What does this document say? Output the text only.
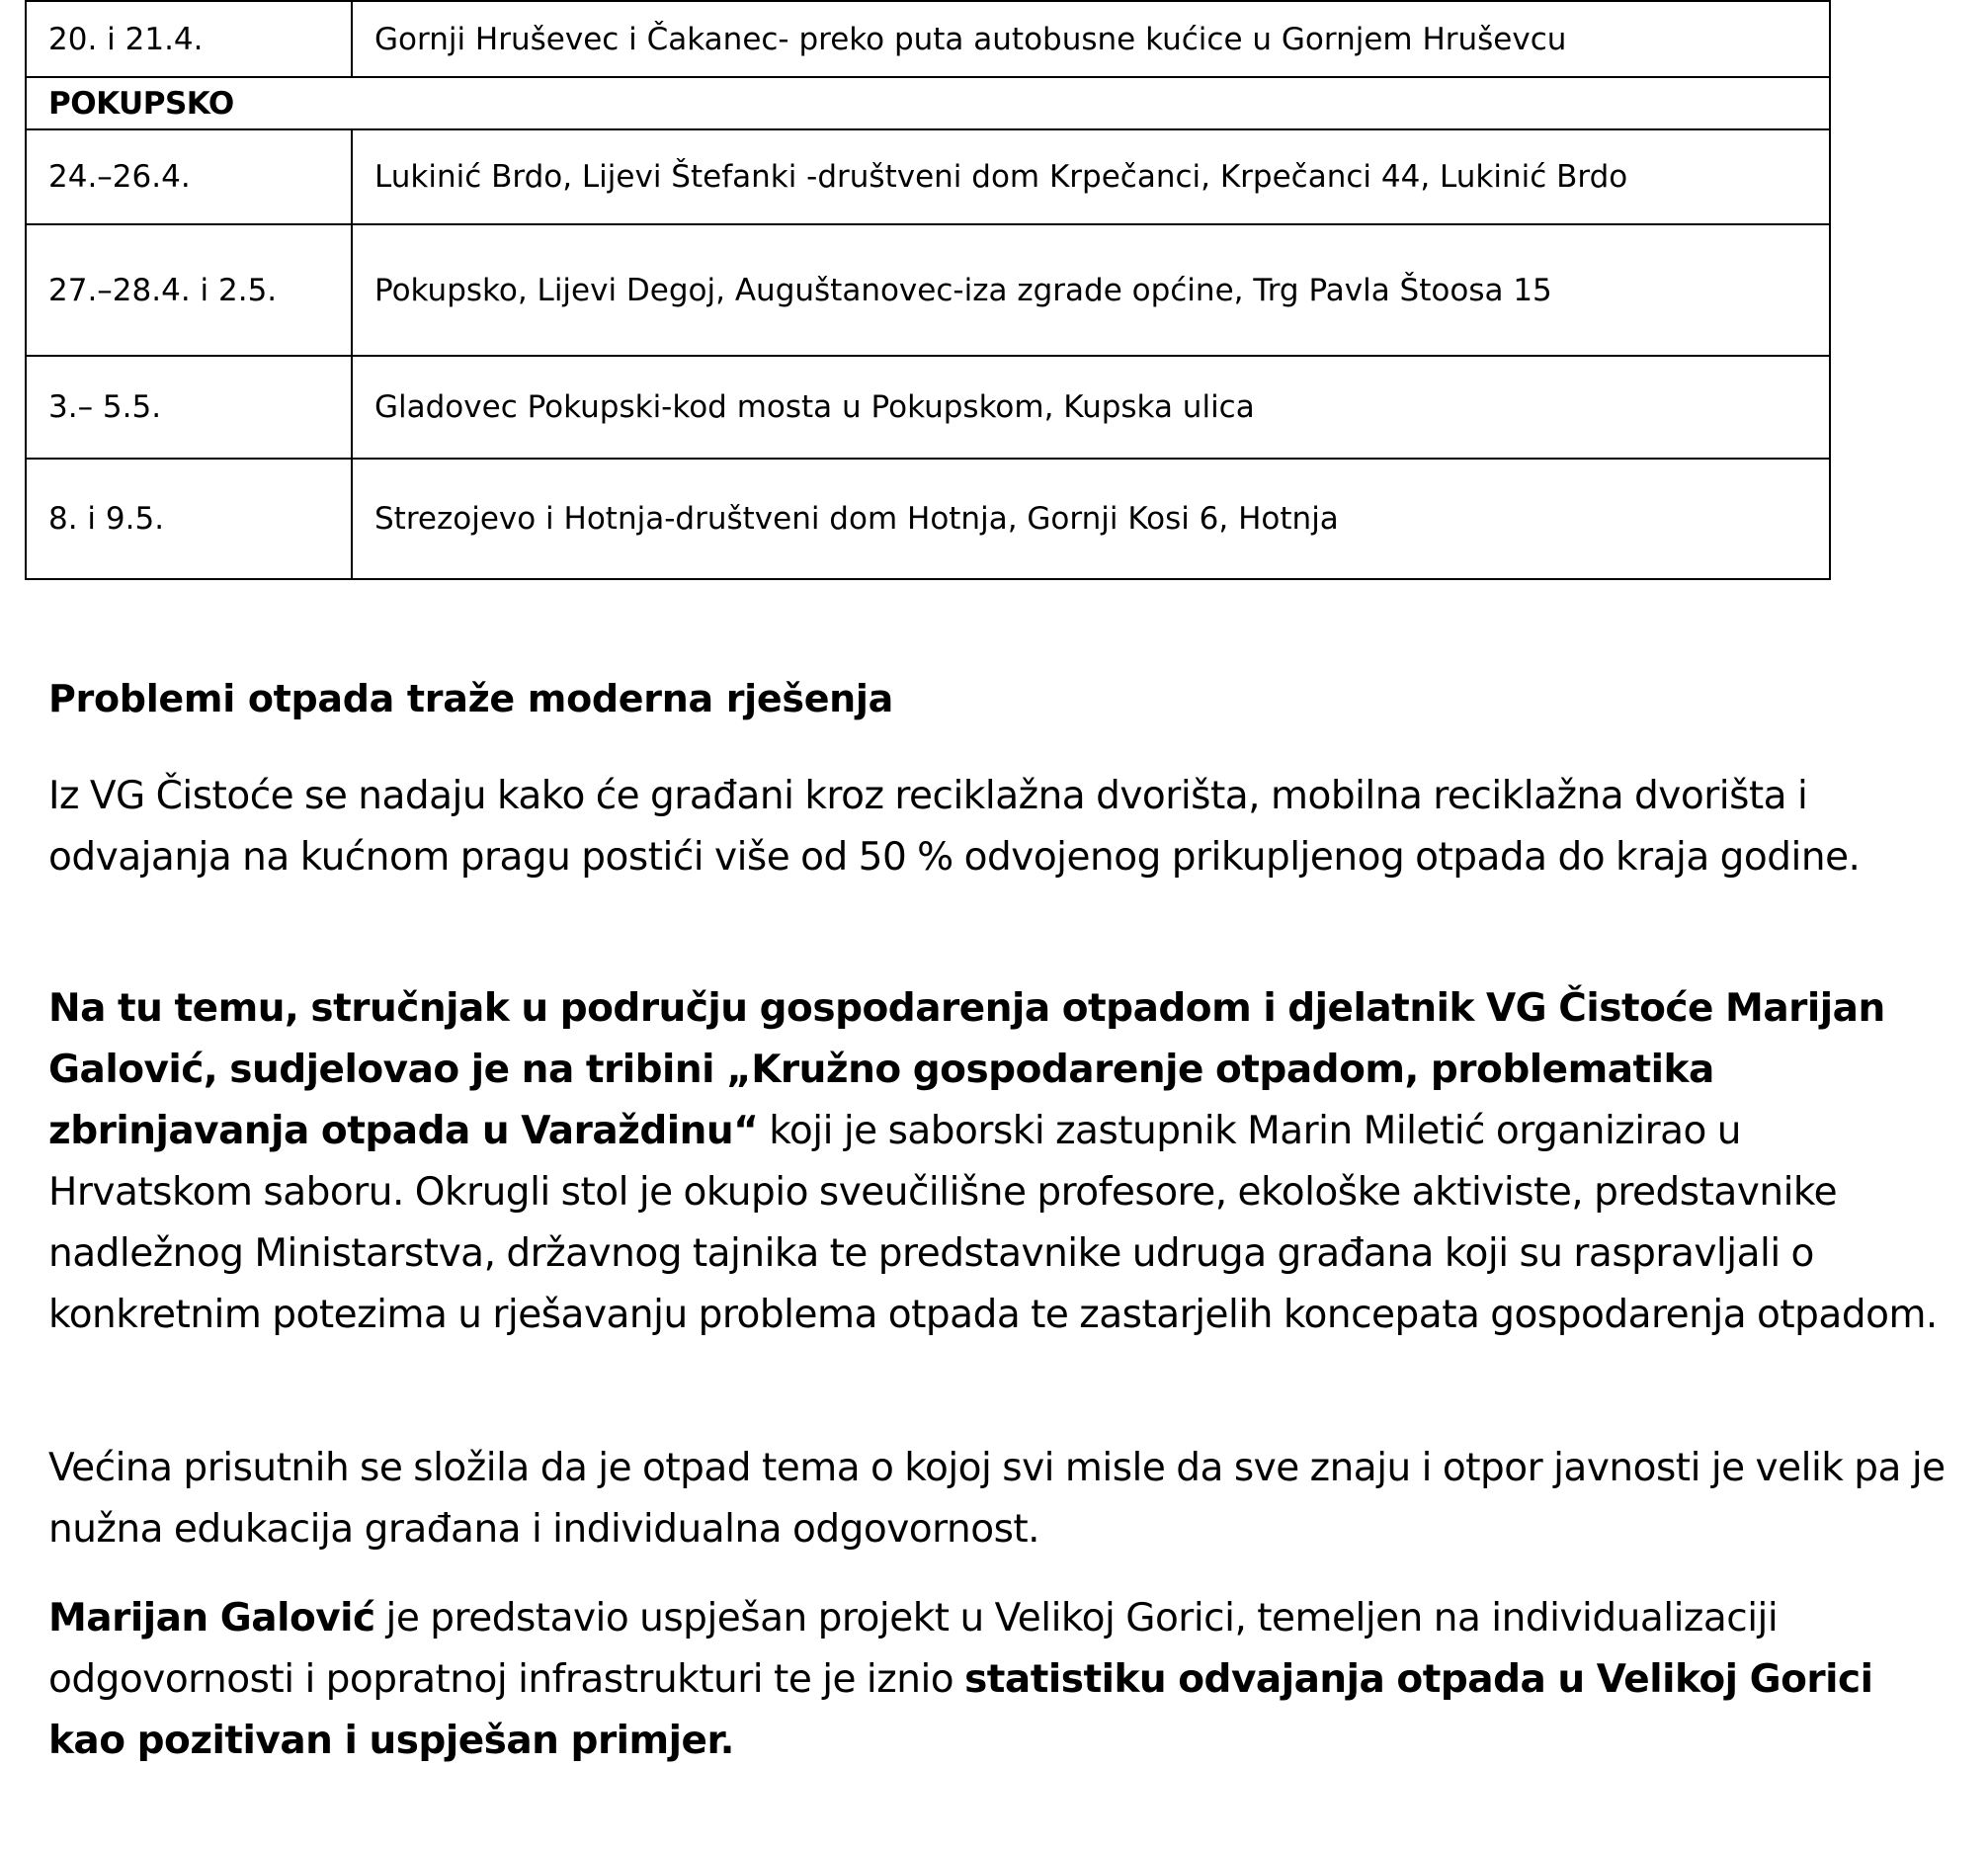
20. i 21.4.	Gornji Hruševec i Čakanec- preko puta autobusne kućice u Gornjem Hruševcu
POKUPSKO	
24.–26.4.	Lukinić Brdo, Lijevi Štefanki -društveni dom Krpečanci, Krpečanci 44, Lukinić Brdo
27.–28.4. i 2.5.	Pokupsko, Lijevi Degoj, Auguštanovec-iza zgrade općine, Trg Pavla Štoosa 15
3.– 5.5.	Gladovec Pokupski-kod mosta u Pokupskom, Kupska ulica
8. i 9.5.	Strezojevo i Hotnja-društveni dom Hotnja, Gornji Kosi 6, Hotnja
Problemi otpada traže moderna rješenja

Iz VG Čistoće se nadaju kako će građani kroz reciklažna dvorišta, mobilna reciklažna dvorišta i odvajanja na kućnom pragu postići više od 50 % odvojenog prikupljenog otpada do kraja godine.

Na tu temu, stručnjak u području gospodarenja otpadom i djelatnik VG Čistoće Marijan Galović, sudjelovao je na tribini „Kružno gospodarenje otpadom, problematika zbrinjavanja otpada u Varaždinu“ koji je saborski zastupnik Marin Miletić organizirao u Hrvatskom saboru. Okrugli stol je okupio sveučilišne profesore, ekološke aktiviste, predstavnike nadležnog Ministarstva, državnog tajnika te predstavnike udruga građana koji su raspravljali o konkretnim potezima u rješavanju problema otpada te zastarjelih koncepata gospodarenja otpadom.

Većina prisutnih se složila da je otpad tema o kojoj svi misle da sve znaju i otpor javnosti je velik pa je nužna edukacija građana i individualna odgovornost.

Marijan Galović je predstavio uspješan projekt u Velikoj Gorici, temeljen na individualizaciji odgovornosti i popratnoj infrastrukturi te je iznio statistiku odvajanja otpada u Velikoj Gorici kao pozitivan i uspješan primjer.
